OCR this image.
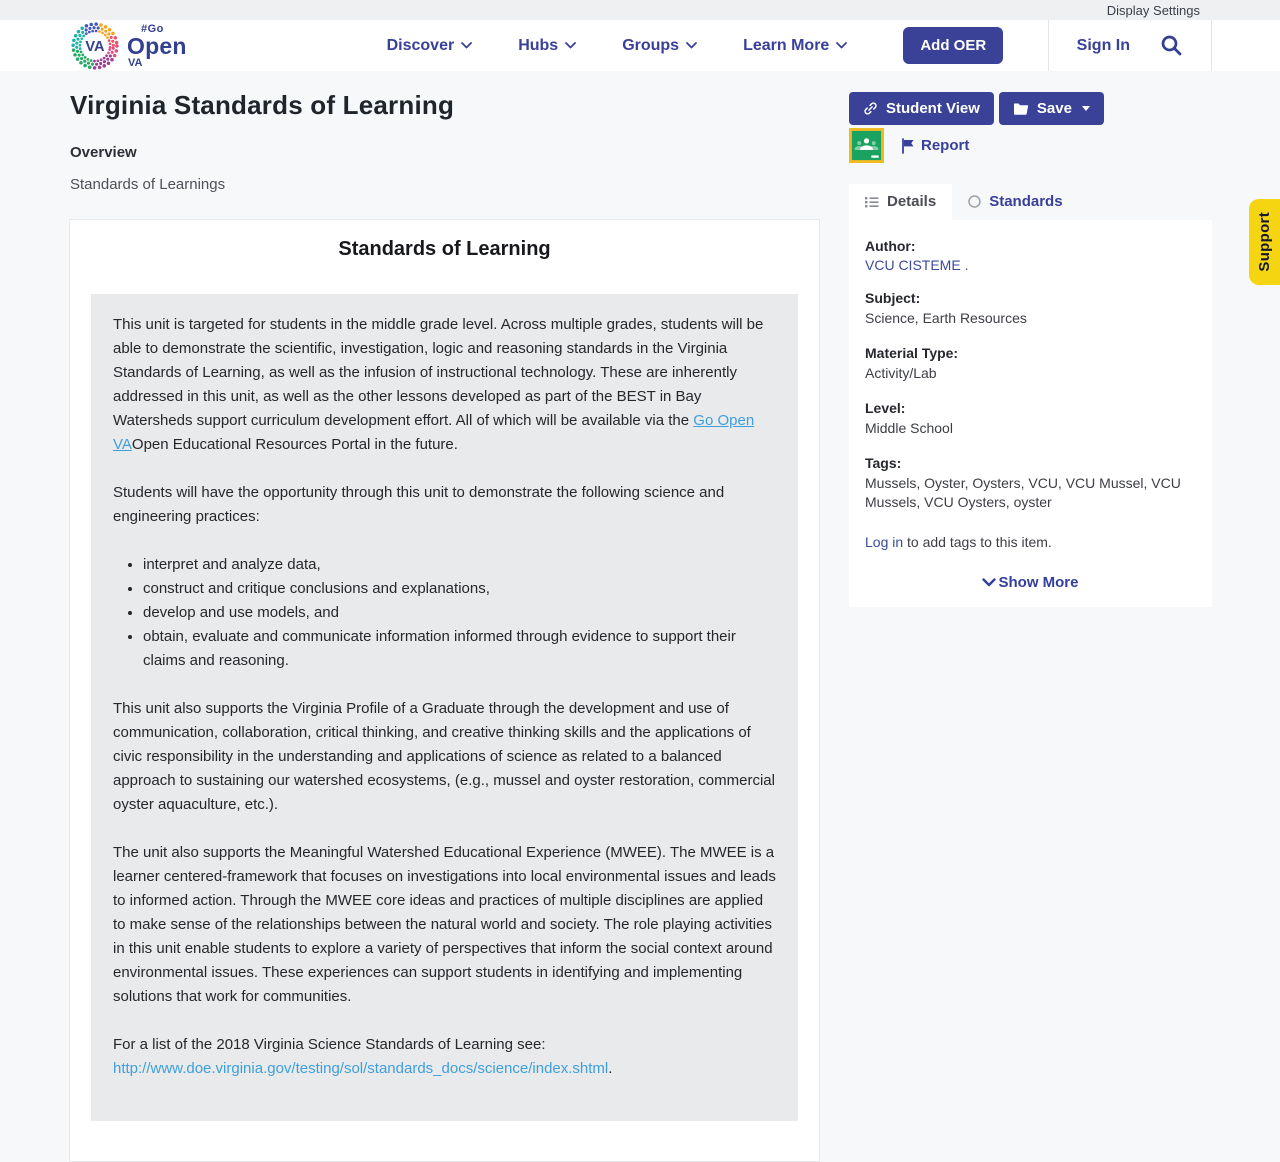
Display Settings
VA
#Go
Open
VA
Discover	Hubs	Groups	Learn More	Add OER	Sign In
Virginia Standards of Learning
Overview
Standards of Learnings
Standards of Learning

This unit is targeted for students in the middle grade level. Across multiple grades, students will be able to demonstrate the scientific, investigation, logic and reasoning standards in the Virginia Standards of Learning, as well as the infusion of instructional technology. These are inherently addressed in this unit, as well as the other lessons developed as part of the BEST in Bay Watersheds support curriculum development effort. All of which will be available via the Go Open VAOpen Educational Resources Portal in the future.

Students will have the opportunity through this unit to demonstrate the following science and engineering practices:

• interpret and analyze data,
• construct and critique conclusions and explanations,
• develop and use models, and
• obtain, evaluate and communicate information informed through evidence to support their claims and reasoning.

This unit also supports the Virginia Profile of a Graduate through the development and use of communication, collaboration, critical thinking, and creative thinking skills and the applications of civic responsibility in the understanding and applications of science as related to a balanced approach to sustaining our watershed ecosystems, (e.g., mussel and oyster restoration, commercial oyster aquaculture, etc.).

The unit also supports the Meaningful Watershed Educational Experience (MWEE). The MWEE is a learner centered-framework that focuses on investigations into local environmental issues and leads to informed action. Through the MWEE core ideas and practices of multiple disciplines are applied to make sense of the relationships between the natural world and society. The role playing activities in this unit enable students to explore a variety of perspectives that inform the social context around environmental issues. These experiences can support students in identifying and implementing solutions that work for communities.

For a list of the 2018 Virginia Science Standards of Learning see: http://www.doe.virginia.gov/testing/sol/standards_docs/science/index.shtml.

Student View	Save
Report
Details	Standards
Author:
VCU CISTEME .
Subject:
Science, Earth Resources
Material Type:
Activity/Lab
Level:
Middle School
Tags:
Mussels, Oyster, Oysters, VCU, VCU Mussel, VCU Mussels, VCU Oysters, oyster
Log in to add tags to this item.
Show More
Support
